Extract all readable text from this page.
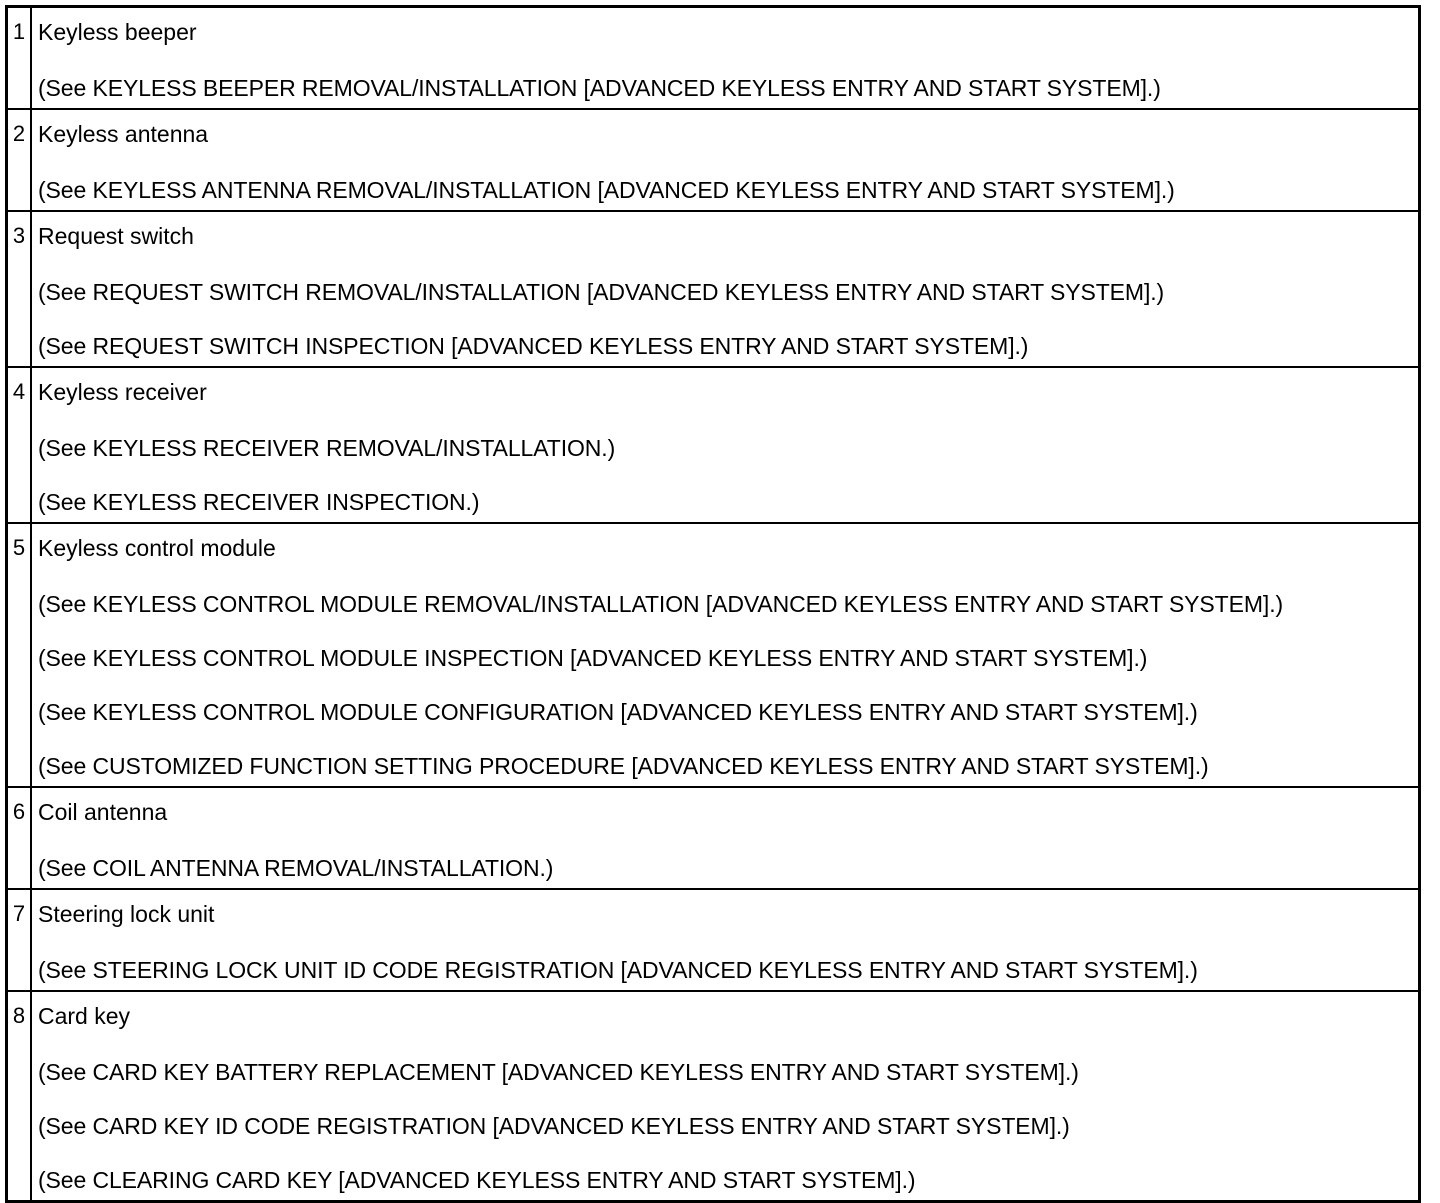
1	Keyless beeper
(See KEYLESS BEEPER REMOVAL/INSTALLATION [ADVANCED KEYLESS ENTRY AND START SYSTEM].)

2	Keyless antenna
(See KEYLESS ANTENNA REMOVAL/INSTALLATION [ADVANCED KEYLESS ENTRY AND START SYSTEM].)

3	Request switch
(See REQUEST SWITCH REMOVAL/INSTALLATION [ADVANCED KEYLESS ENTRY AND START SYSTEM].)
(See REQUEST SWITCH INSPECTION [ADVANCED KEYLESS ENTRY AND START SYSTEM].)

4	Keyless receiver
(See KEYLESS RECEIVER REMOVAL/INSTALLATION.)
(See KEYLESS RECEIVER INSPECTION.)

5	Keyless control module
(See KEYLESS CONTROL MODULE REMOVAL/INSTALLATION [ADVANCED KEYLESS ENTRY AND START SYSTEM].)
(See KEYLESS CONTROL MODULE INSPECTION [ADVANCED KEYLESS ENTRY AND START SYSTEM].)
(See KEYLESS CONTROL MODULE CONFIGURATION [ADVANCED KEYLESS ENTRY AND START SYSTEM].)
(See CUSTOMIZED FUNCTION SETTING PROCEDURE [ADVANCED KEYLESS ENTRY AND START SYSTEM].)

6	Coil antenna
(See COIL ANTENNA REMOVAL/INSTALLATION.)

7	Steering lock unit
(See STEERING LOCK UNIT ID CODE REGISTRATION [ADVANCED KEYLESS ENTRY AND START SYSTEM].)

8	Card key
(See CARD KEY BATTERY REPLACEMENT [ADVANCED KEYLESS ENTRY AND START SYSTEM].)
(See CARD KEY ID CODE REGISTRATION [ADVANCED KEYLESS ENTRY AND START SYSTEM].)
(See CLEARING CARD KEY [ADVANCED KEYLESS ENTRY AND START SYSTEM].)
